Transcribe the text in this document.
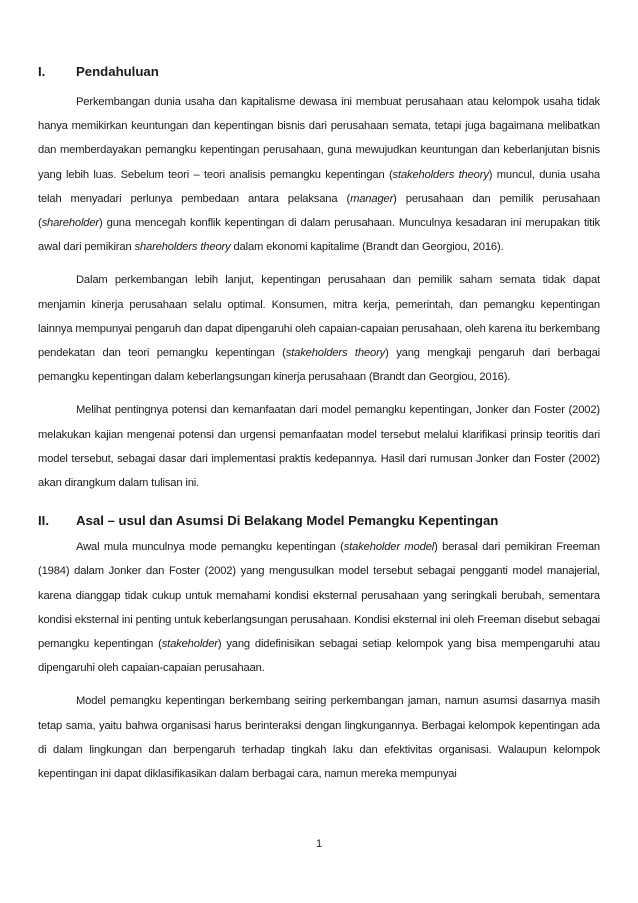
I.	Pendahuluan

Perkembangan dunia usaha dan kapitalisme dewasa ini membuat perusahaan atau kelompok usaha tidak hanya memikirkan keuntungan dan kepentingan bisnis dari perusahaan semata, tetapi juga bagaimana melibatkan dan memberdayakan pemangku kepentingan perusahaan, guna mewujudkan keuntungan dan keberlanjutan bisnis yang lebih luas. Sebelum teori – teori analisis pemangku kepentingan (stakeholders theory) muncul, dunia usaha telah menyadari perlunya pembedaan antara pelaksana (manager) perusahaan dan pemilik perusahaan (shareholder) guna mencegah konflik kepentingan di dalam perusahaan. Munculnya kesadaran ini merupakan titik awal dari pemikiran shareholders theory dalam ekonomi kapitalime (Brandt dan Georgiou, 2016).

Dalam perkembangan lebih lanjut, kepentingan perusahaan dan pemilik saham semata tidak dapat menjamin kinerja perusahaan selalu optimal. Konsumen, mitra kerja, pemerintah, dan pemangku kepentingan lainnya mempunyai pengaruh dan dapat dipengaruhi oleh capaian-capaian perusahaan, oleh karena itu berkembang pendekatan dan teori pemangku kepentingan (stakeholders theory) yang mengkaji pengaruh dari berbagai pemangku kepentingan dalam keberlangsungan kinerja perusahaan (Brandt dan Georgiou, 2016).

Melihat pentingnya potensi dan kemanfaatan dari model pemangku kepentingan, Jonker dan Foster (2002) melakukan kajian mengenai potensi dan urgensi pemanfaatan model tersebut melalui klarifikasi prinsip teoritis dari model tersebut, sebagai dasar dari implementasi praktis kedepannya. Hasil dari rumusan Jonker dan Foster (2002) akan dirangkum dalam tulisan ini.

II.	Asal – usul dan Asumsi Di Belakang Model Pemangku Kepentingan

Awal mula munculnya mode pemangku kepentingan (stakeholder model) berasal dari pemikiran Freeman (1984) dalam Jonker dan Foster (2002) yang mengusulkan model tersebut sebagai pengganti model manajerial, karena dianggap tidak cukup untuk memahami kondisi eksternal perusahaan yang seringkali berubah, sementara kondisi eksternal ini penting untuk keberlangsungan perusahaan. Kondisi eksternal ini oleh Freeman disebut sebagai pemangku kepentingan (stakeholder) yang didefinisikan sebagai setiap kelompok yang bisa mempengaruhi atau dipengaruhi oleh capaian-capaian perusahaan.

Model pemangku kepentingan berkembang seiring perkembangan jaman, namun asumsi dasarnya masih tetap sama, yaitu bahwa organisasi harus berinteraksi dengan lingkungannya. Berbagai kelompok kepentingan ada di dalam lingkungan dan berpengaruh terhadap tingkah laku dan efektivitas organisasi. Walaupun kelompok kepentingan ini dapat diklasifikasikan dalam berbagai cara, namun mereka mempunyai

1
